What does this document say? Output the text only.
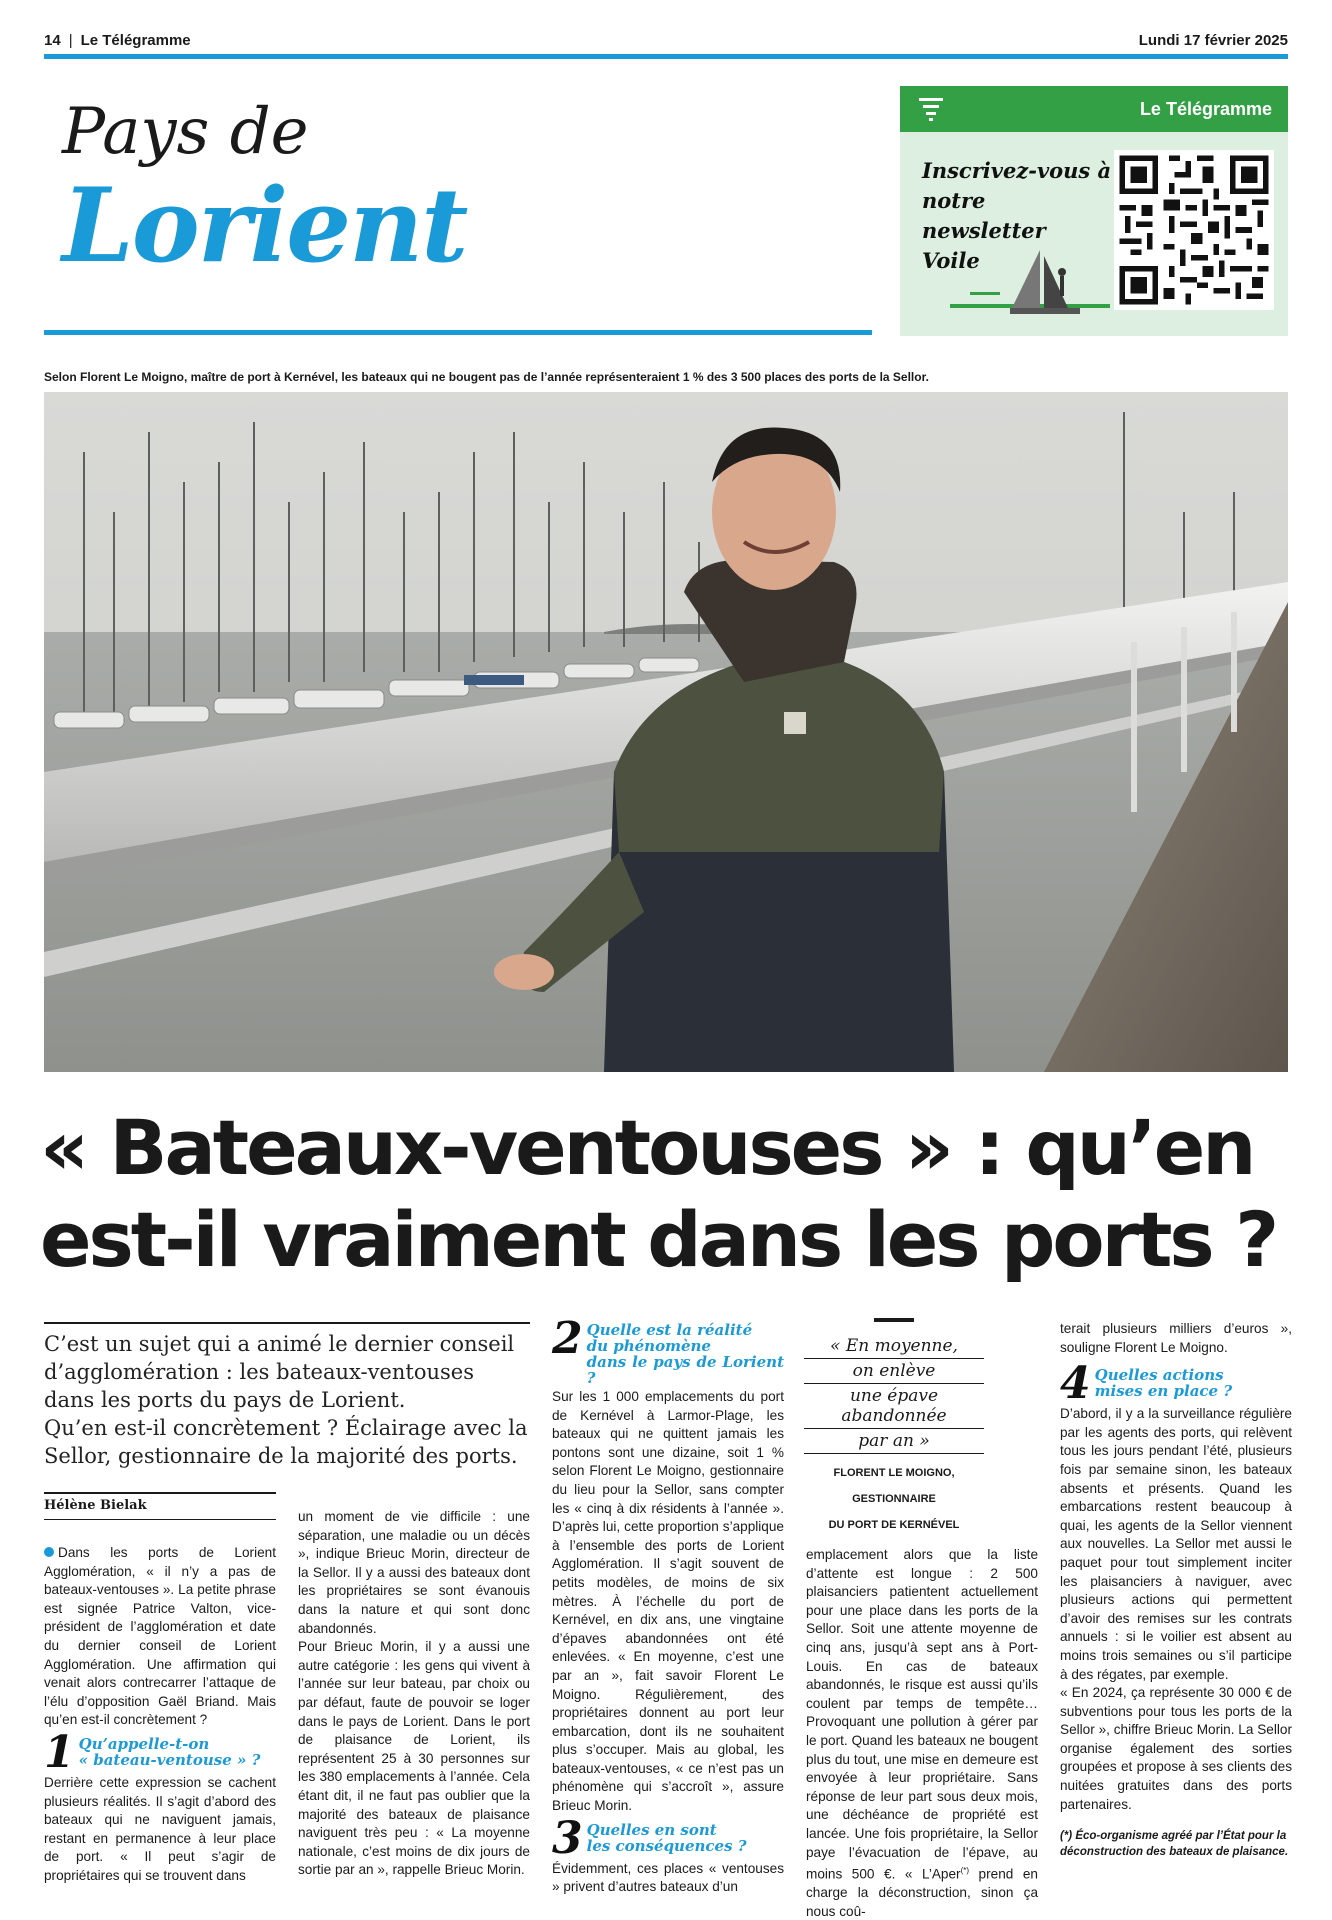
14 | Le Télégramme	Lundi 17 février 2025
Pays de
Lorient
Le Télégramme
Inscrivez-vous à
notre newsletter
Voile
Selon Florent Le Moigno, maître de port à Kernével, les bateaux qui ne bougent pas de l’année représenteraient 1 % des 3 500 places des ports de la Sellor.
« Bateaux-ventouses » : qu’en
est-il vraiment dans les ports ?
C’est un sujet qui a animé le dernier conseil
d’agglomération : les bateaux-ventouses
dans les ports du pays de Lorient.
Qu’en est-il concrètement ? Éclairage avec la
Sellor, gestionnaire de la majorité des ports.
Hélène Bielak

Dans les ports de Lorient Agglomération, « il n’y a pas de bateaux-ventouses ». La petite phrase est signée Patrice Valton, vice-président de l’agglomération et date du dernier conseil de Lorient Agglomération. Une affirmation qui venait alors contrecarrer l’attaque de l’élu d’opposition Gaël Briand. Mais qu’en est-il concrètement ?

1 Qu’appelle-t-on
« bateau-ventouse » ?

Derrière cette expression se cachent plusieurs réalités. Il s’agit d’abord des bateaux qui ne naviguent jamais, restant en permanence à leur place de port. « Il peut s’agir de propriétaires qui se trouvent dans

un moment de vie difficile : une séparation, une maladie ou un décès », indique Brieuc Morin, directeur de la Sellor. Il y a aussi des bateaux dont les propriétaires se sont évanouis dans la nature et qui sont donc abandonnés.

Pour Brieuc Morin, il y a aussi une autre catégorie : les gens qui vivent à l’année sur leur bateau, par choix ou par défaut, faute de pouvoir se loger dans le pays de Lorient. Dans le port de plaisance de Lorient, ils représentent 25 à 30 personnes sur les 380 emplacements à l’année. Cela étant dit, il ne faut pas oublier que la majorité des bateaux de plaisance naviguent très peu : « La moyenne nationale, c’est moins de dix jours de sortie par an », rappelle Brieuc Morin.

2 Quelle est la réalité
du phénomène
dans le pays de Lorient ?

Sur les 1 000 emplacements du port de Kernével à Larmor-Plage, les bateaux qui ne quittent jamais les pontons sont une dizaine, soit 1 % selon Florent Le Moigno, gestionnaire du lieu pour la Sellor, sans compter les « cinq à dix résidents à l’année ». D’après lui, cette proportion s’applique à l’ensemble des ports de Lorient Agglomération. Il s’agit souvent de petits modèles, de moins de six mètres. À l’échelle du port de Kernével, en dix ans, une vingtaine d’épaves abandonnées ont été enlevées. « En moyenne, c’est une par an », fait savoir Florent Le Moigno. Régulièrement, des propriétaires donnent au port leur embarcation, dont ils ne souhaitent plus s’occuper. Mais au global, les bateaux-ventouses, « ce n’est pas un phénomène qui s’accroît », assure Brieuc Morin.

3 Quelles en sont
les conséquences ?

Évidemment, ces places « ventouses » privent d’autres bateaux d’un

« En moyenne,
on enlève
une épave abandonnée
par an »
FLORENT LE MOIGNO,
GESTIONNAIRE
DU PORT DE KERNÉVEL

emplacement alors que la liste d’attente est longue : 2 500 plaisanciers patientent actuellement pour une place dans les ports de la Sellor. Soit une attente moyenne de cinq ans, jusqu’à sept ans à Port-Louis. En cas de bateaux abandonnés, le risque est aussi qu’ils coulent par temps de tempête… Provoquant une pollution à gérer par le port. Quand les bateaux ne bougent plus du tout, une mise en demeure est envoyée à leur propriétaire. Sans réponse de leur part sous deux mois, une déchéance de propriété est lancée. Une fois propriétaire, la Sellor paye l’évacuation de l’épave, au moins 500 €. « L’Aper(*) prend en charge la déconstruction, sinon ça nous coû-

terait plusieurs milliers d’euros », souligne Florent Le Moigno.

4 Quelles actions
mises en place ?

D’abord, il y a la surveillance régulière par les agents des ports, qui relèvent tous les jours pendant l’été, plusieurs fois par semaine sinon, les bateaux absents et présents. Quand les embarcations restent beaucoup à quai, les agents de la Sellor viennent aux nouvelles. La Sellor met aussi le paquet pour tout simplement inciter les plaisanciers à naviguer, avec plusieurs actions qui permettent d’avoir des remises sur les contrats annuels : si le voilier est absent au moins trois semaines ou s’il participe à des régates, par exemple.

« En 2024, ça représente 30 000 € de subventions pour tous les ports de la Sellor », chiffre Brieuc Morin. La Sellor organise également des sorties groupées et propose à ses clients des nuitées gratuites dans des ports partenaires.

(*) Éco-organisme agréé par l’État pour la déconstruction des bateaux de plaisance.
